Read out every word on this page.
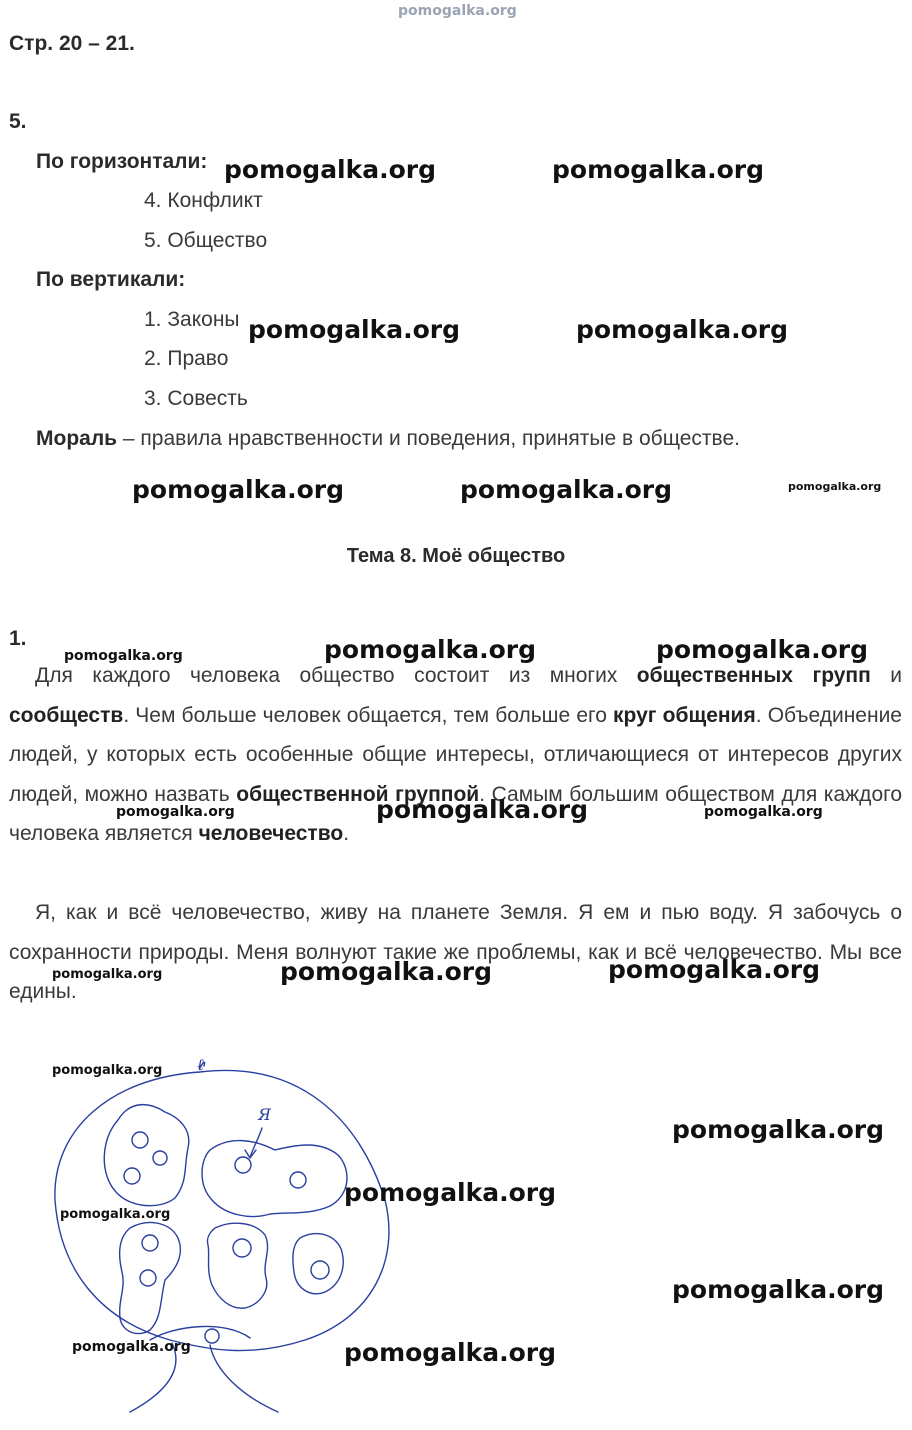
pomogalka.org
Стр. 20 – 21.
5.
По горизонтали:
4. Конфликт
5. Общество
По вертикали:
1. Законы
2. Право
3. Совесть
Мораль – правила нравственности и поведения, принятые в обществе.
Тема 8. Моё общество
1.
Для каждого человека общество состоит из многих общественных групп и сообществ. Чем больше человек общается, тем больше его круг общения. Объединение людей, у которых есть особенные общие интересы, отличающиеся от интересов других людей, можно назвать общественной группой. Самым большим обществом для каждого человека является человечество.
Я, как и всё человечество, живу на планете Земля. Я ем и пью воду. Я забочусь о сохранности природы. Меня волнуют такие же проблемы, как и всё человечество. Мы все едины.
Я
ℓ
pomogalka.org	pomogalka.org
pomogalka.org	pomogalka.org
pomogalka.org	pomogalka.org
pomogalka.org	pomogalka.org
pomogalka.org
pomogalka.org	pomogalka.org
pomogalka.org
pomogalka.org
pomogalka.org
pomogalka.org
pomogalka.org
pomogalka.org
pomogalka.org	pomogalka.org
pomogalka.org
pomogalka.org
pomogalka.org
pomogalka.org
